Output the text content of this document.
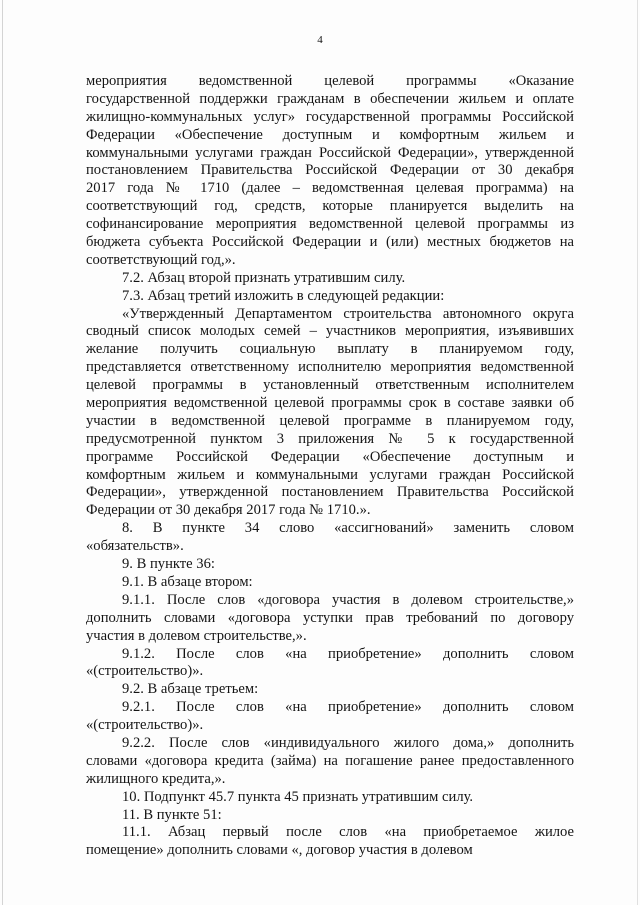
4
мероприятия ведомственной целевой программы «Оказание
государственной поддержки гражданам в обеспечении жильем и оплате
жилищно-коммунальных услуг» государственной программы Российской
Федерации «Обеспечение доступным и комфортным жильем и
коммунальными услугами граждан Российской Федерации», утвержденной
постановлением Правительства Российской Федерации от 30 декабря
2017 года № 1710 (далее – ведомственная целевая программа) на
соответствующий год, средств, которые планируется выделить на
софинансирование мероприятия ведомственной целевой программы из
бюджета субъекта Российской Федерации и (или) местных бюджетов на
соответствующий год,».
7.2. Абзац второй признать утратившим силу.
7.3. Абзац третий изложить в следующей редакции:
«Утвержденный Департаментом строительства автономного округа
сводный список молодых семей – участников мероприятия, изъявивших
желание получить социальную выплату в планируемом году,
представляется ответственному исполнителю мероприятия ведомственной
целевой программы в установленный ответственным исполнителем
мероприятия ведомственной целевой программы срок в составе заявки об
участии в ведомственной целевой программе в планируемом году,
предусмотренной пунктом 3 приложения № 5 к государственной
программе Российской Федерации «Обеспечение доступным и
комфортным жильем и коммунальными услугами граждан Российской
Федерации», утвержденной постановлением Правительства Российской
Федерации от 30 декабря 2017 года № 1710.».
8. В пункте 34 слово «ассигнований» заменить словом
«обязательств».
9. В пункте 36:
9.1. В абзаце втором:
9.1.1. После слов «договора участия в долевом строительстве,»
дополнить словами «договора уступки прав требований по договору
участия в долевом строительстве,».
9.1.2. После слов «на приобретение» дополнить словом
«(строительство)».
9.2. В абзаце третьем:
9.2.1. После слов «на приобретение» дополнить словом
«(строительство)».
9.2.2. После слов «индивидуального жилого дома,» дополнить
словами «договора кредита (займа) на погашение ранее предоставленного
жилищного кредита,».
10. Подпункт 45.7 пункта 45 признать утратившим силу.
11. В пункте 51:
11.1. Абзац первый после слов «на приобретаемое жилое
помещение» дополнить словами «, договор участия в долевом
